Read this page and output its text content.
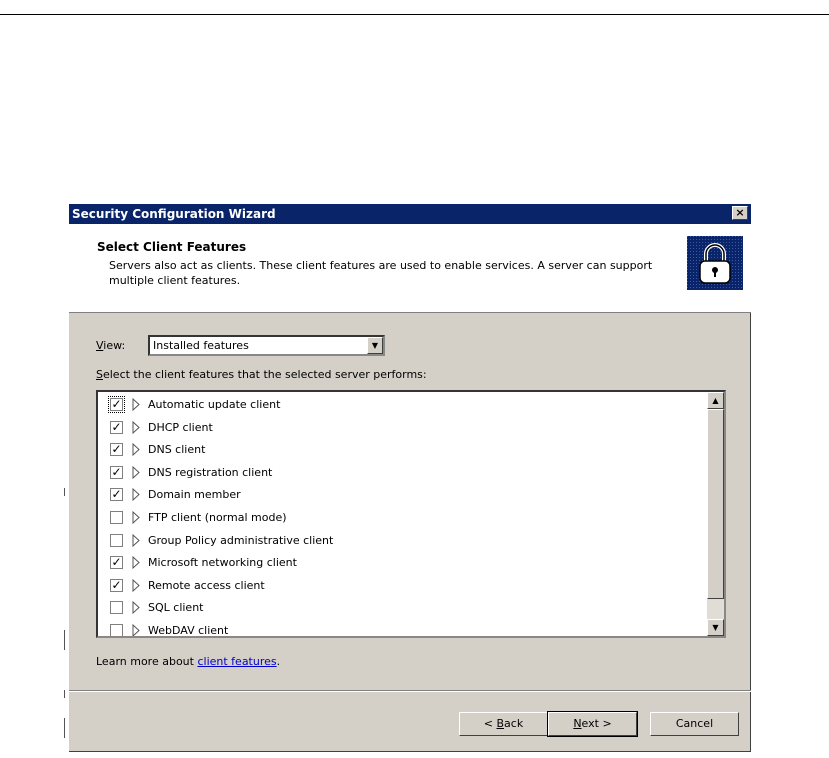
Security Configuration Wizard	×
Select Client Features
Servers also act as clients. These client features are used to enable services. A server can support multiple client features.
View:	Installed features	▼
Select the client features that the selected server performs:
✓ Automatic update client
✓ DHCP client
✓ DNS client
✓ DNS registration client
✓ Domain member
FTP client (normal mode)
Group Policy administrative client
✓ Microsoft networking client
✓ Remote access client
SQL client
WebDAV client
▲
▼
Learn more about client features.
< Back	Next >	Cancel
